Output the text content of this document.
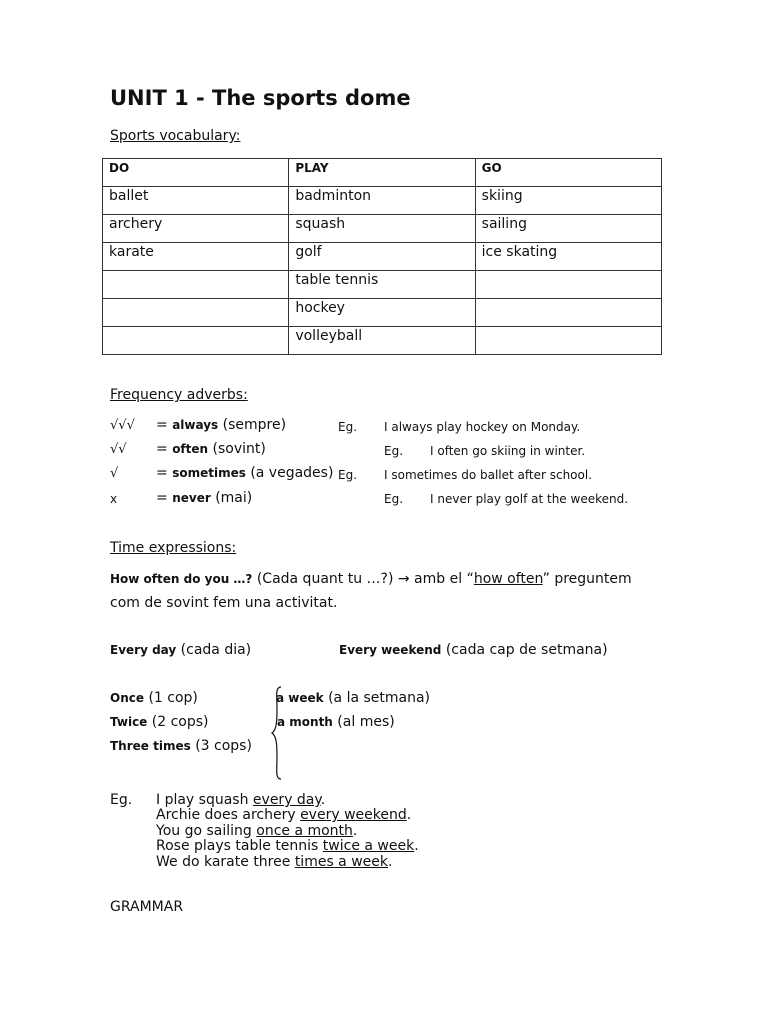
UNIT 1 - The sports dome
Sports vocabulary:
DO	PLAY	GO
ballet	badminton	skiing
archery	squash	sailing
karate	golf	ice skating
	table tennis	
	hockey	
	volleyball	
Frequency adverbs:
√√√ = always (sempre)	Eg. I always play hockey on Monday.
√√ = often (sovint)	Eg. I often go skiing in winter.
√	= sometimes (a vegades) Eg. I sometimes do ballet after school.
x	= never (mai)	Eg. I never play golf at the weekend.
Time expressions:
How often do you …? (Cada quant tu …?) → amb el “how often” preguntem
com de sovint fem una activitat.
Every day (cada dia)	Every weekend (cada cap de setmana)
Once (1 cop)
Twice (2 cops)
Three times (3 cops)
a week (a la setmana)
a month (al mes)
Eg. I play squash every day.
Archie does archery every weekend.
You go sailing once a month.
Rose plays table tennis twice a week.
We do karate three times a week.
GRAMMAR
